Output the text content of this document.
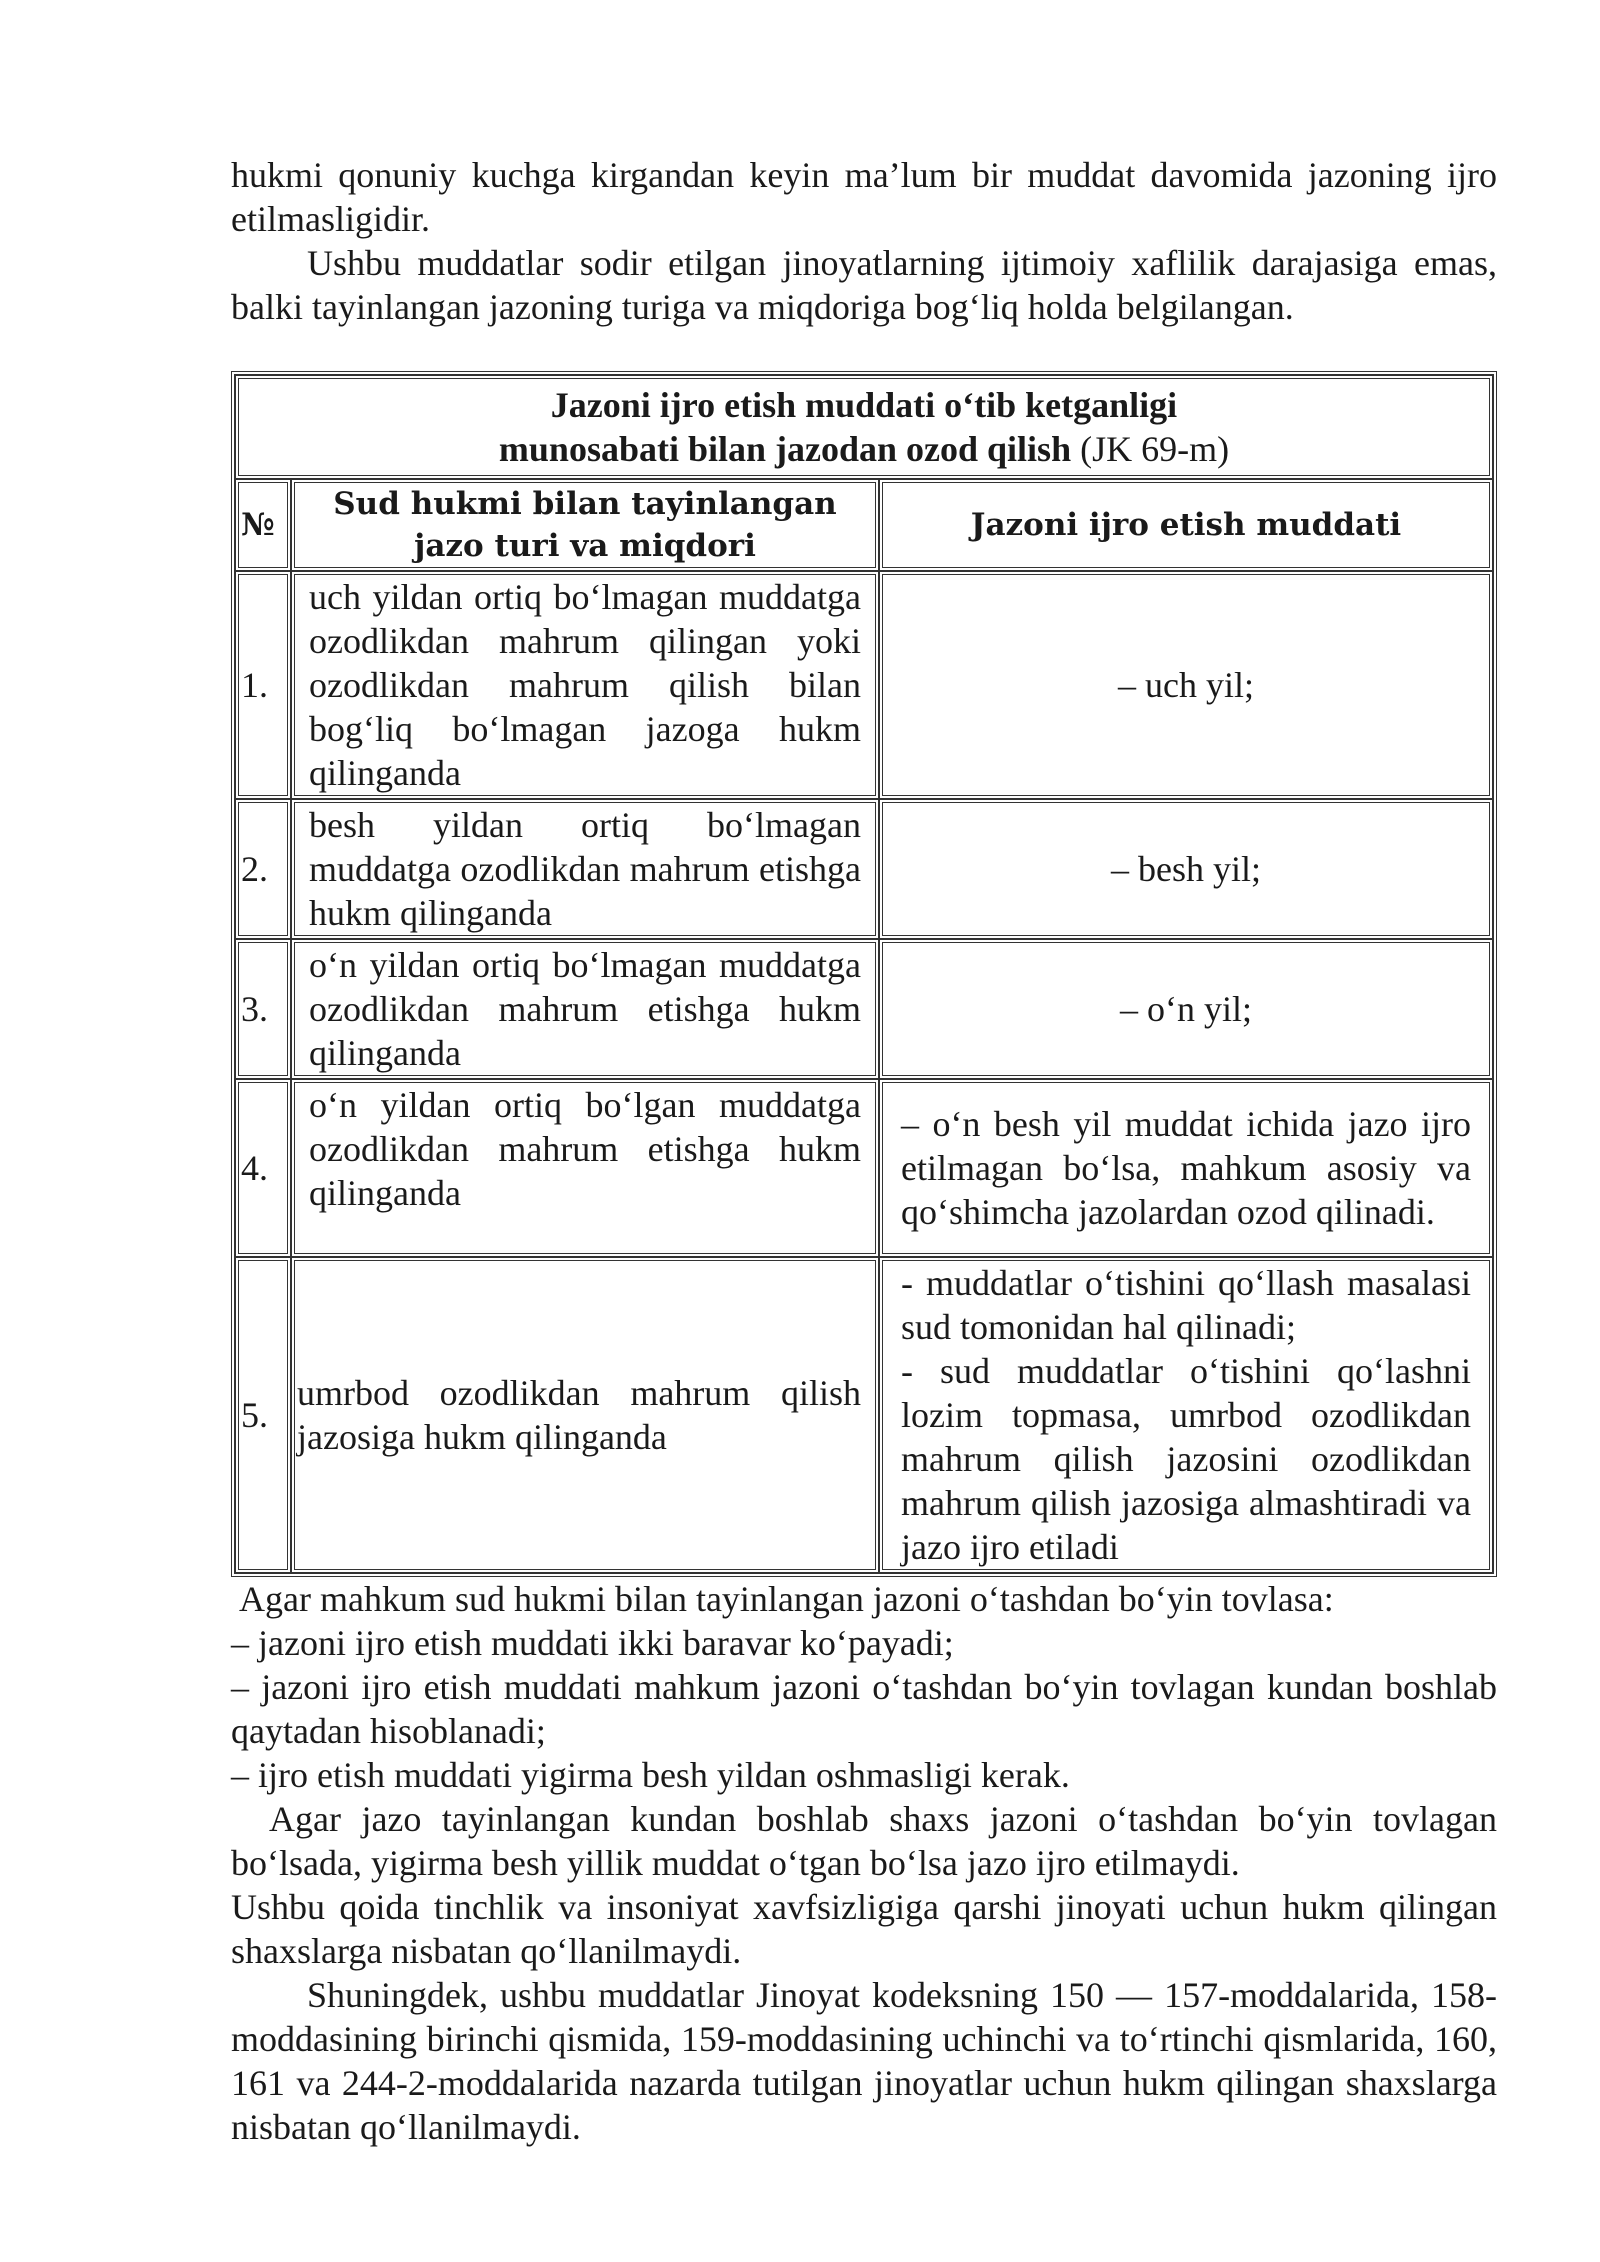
hukmi qonuniy kuchga kirgandan keyin ma’lum bir muddat davomida jazoning ijro etilmasligidir.

Ushbu muddatlar sodir etilgan jinoyatlarning ijtimoiy xaflilik darajasiga emas, balki tayinlangan jazoning turiga va miqdoriga bog‘liq holda belgilangan.

Jazoni ijro etish muddati o‘tib ketganligi
munosabati bilan jazodan ozod qilish (JK 69-m)		
№	Sud hukmi bilan tayinlangan jazo turi va miqdori	Jazoni ijro etish muddati
1.	uch yildan ortiq bo‘lmagan muddatga ozodlikdan mahrum qilingan yoki ozodlikdan mahrum qilish bilan bog‘liq bo‘lmagan jazoga hukm qilinganda	– uch yil;
2.	besh yildan ortiq bo‘lmagan muddatga ozodlikdan mahrum etishga hukm qilinganda	– besh yil;
3.	o‘n yildan ortiq bo‘lmagan muddatga ozodlikdan mahrum etishga hukm qilinganda	– o‘n yil;
4.	o‘n yildan ortiq bo‘lgan muddatga ozodlikdan mahrum etishga hukm qilinganda	– o‘n besh yil muddat ichida jazo ijro etilmagan bo‘lsa, mahkum asosiy va qo‘shimcha jazolardan ozod qilinadi.
5.	umrbod ozodlikdan mahrum qilish jazosiga hukm qilinganda	- muddatlar o‘tishini qo‘llash masalasi sud tomonidan hal qilinadi;
- sud muddatlar o‘tishini qo‘lashni lozim topmasa, umrbod ozodlikdan mahrum qilish jazosini ozodlikdan mahrum qilish jazosiga almashtiradi va jazo ijro etiladi

Agar mahkum sud hukmi bilan tayinlangan jazoni o‘tashdan bo‘yin tovlasa:

– jazoni ijro etish muddati ikki baravar ko‘payadi;

– jazoni ijro etish muddati mahkum jazoni o‘tashdan bo‘yin tovlagan kundan boshlab qaytadan hisoblanadi;

– ijro etish muddati yigirma besh yildan oshmasligi kerak.

Agar jazo tayinlangan kundan boshlab shaxs jazoni o‘tashdan bo‘yin tovlagan bo‘lsada, yigirma besh yillik muddat o‘tgan bo‘lsa jazo ijro etilmaydi.

Ushbu qoida tinchlik va insoniyat xavfsizligiga qarshi jinoyati uchun hukm qilingan shaxslarga nisbatan qo‘llanilmaydi.

Shuningdek, ushbu muddatlar Jinoyat kodeksning 150 — 157-moddalarida, 158-moddasining birinchi qismida, 159-moddasining uchinchi va to‘rtinchi qismlarida, 160, 161 va 244-2-moddalarida nazarda tutilgan jinoyatlar uchun hukm qilingan shaxslarga nisbatan qo‘llanilmaydi.
